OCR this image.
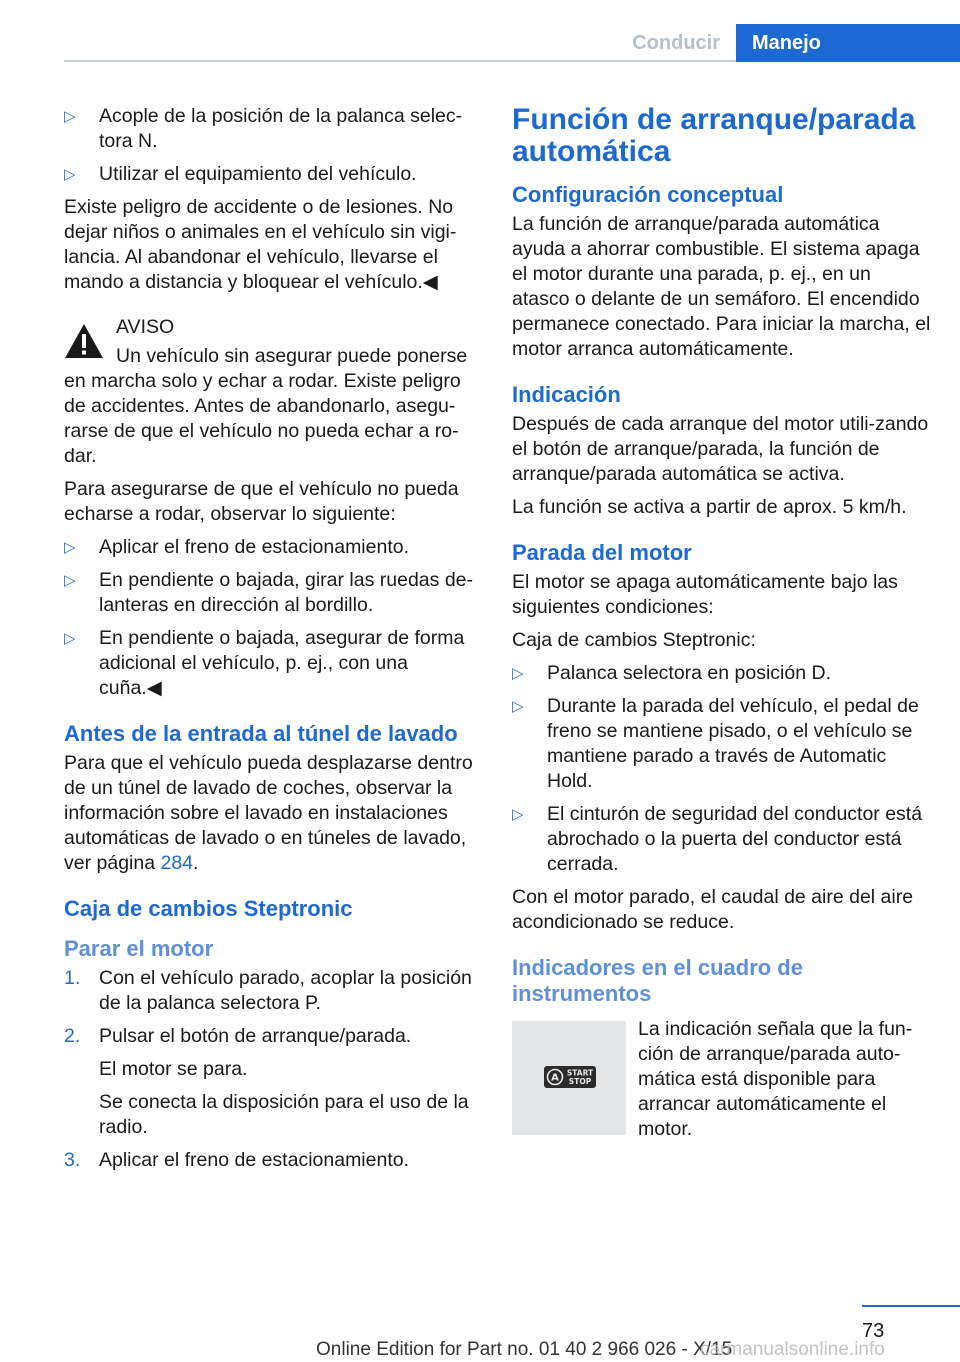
Conducir	Manejo
▷ Acople de la posición de la palanca selec‐tora N.
▷ Utilizar el equipamiento del vehículo.

Existe peligro de accidente o de lesiones. No dejar niños o animales en el vehículo sin vigi‐lancia. Al abandonar el vehículo, llevarse el mando a distancia y bloquear el vehículo.◀

AVISO

Un vehículo sin asegurar puede ponerse

en marcha solo y echar a rodar. Existe peligro de accidentes. Antes de abandonarlo, asegu‐rarse de que el vehículo no pueda echar a ro‐dar.

Para asegurarse de que el vehículo no pueda echarse a rodar, observar lo siguiente:

▷ Aplicar el freno de estacionamiento.
▷ En pendiente o bajada, girar las ruedas de‐lanteras en dirección al bordillo.
▷ En pendiente o bajada, asegurar de forma adicional el vehículo, p. ej., con una cuña.◀
Antes de la entrada al túnel de lavado

Para que el vehículo pueda desplazarse dentro de un túnel de lavado de coches, observar la información sobre el lavado en instalaciones automáticas de lavado o en túneles de lavado, ver página 284.

Caja de cambios Steptronic
Parar el motor
1. Con el vehículo parado, acoplar la posición de la palanca selectora P.
2. Pulsar el botón de arranque/parada.

El motor se para.

Se conecta la disposición para el uso de la radio.

3. Aplicar el freno de estacionamiento.
Función de arranque/parada automática
Configuración conceptual

La función de arranque/parada automática ayuda a ahorrar combustible. El sistema apaga el motor durante una parada, p. ej., en un atasco o delante de un semáforo. El encendido permanece conectado. Para iniciar la marcha, el motor arranca automáticamente.

Indicación

Después de cada arranque del motor utili‐zando el botón de arranque/parada, la función de arranque/parada automática se activa.

La función se activa a partir de aprox. 5 km/h.

Parada del motor

El motor se apaga automáticamente bajo las siguientes condiciones:

Caja de cambios Steptronic:

▷ Palanca selectora en posición D.
▷ Durante la parada del vehículo, el pedal de freno se mantiene pisado, o el vehículo se mantiene parado a través de Automatic Hold.
▷ El cinturón de seguridad del conductor está abrochado o la puerta del conductor está cerrada.

Con el motor parado, el caudal de aire del aire acondicionado se reduce.

Indicadores en el cuadro de instrumentos
A START
STOP

La indicación señala que la fun‐ción de arranque/parada auto‐mática está disponible para arrancar automáticamente el motor.

73
Online Edition for Part no. 01 40 2 966 026 - X/15
carmanualsonline.info
